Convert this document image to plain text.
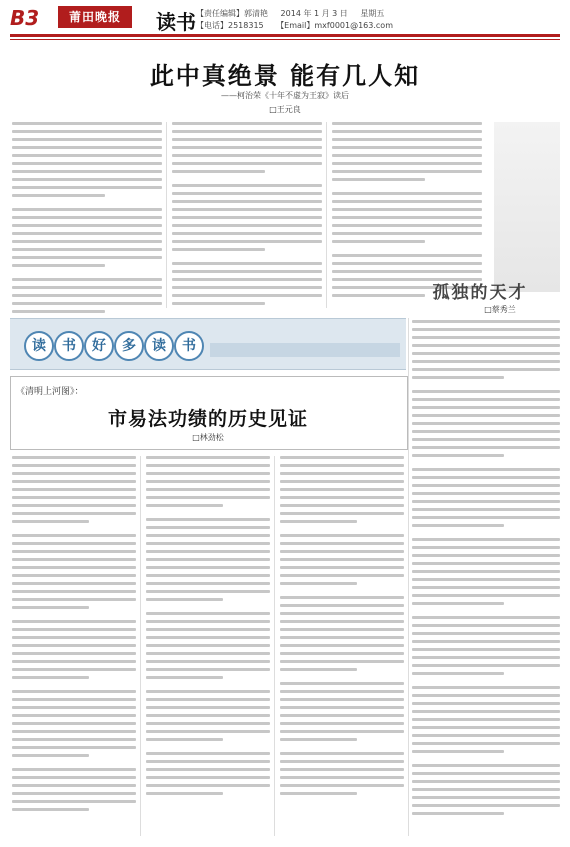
B3	莆田晚报	读书 【责任编辑】郭清艳 2014 年 1 月 3 日 星期五
【电话】2518315 【Email】mxf0001@163.com
此中真绝景 能有几人知
——柯治荣《十年不虚为王寂》读后
□王元良
孤独的天才
□蔡秀兰
读	书	好	多	读	书
《清明上河图》：
市易法功绩的历史见证
□林劲松
